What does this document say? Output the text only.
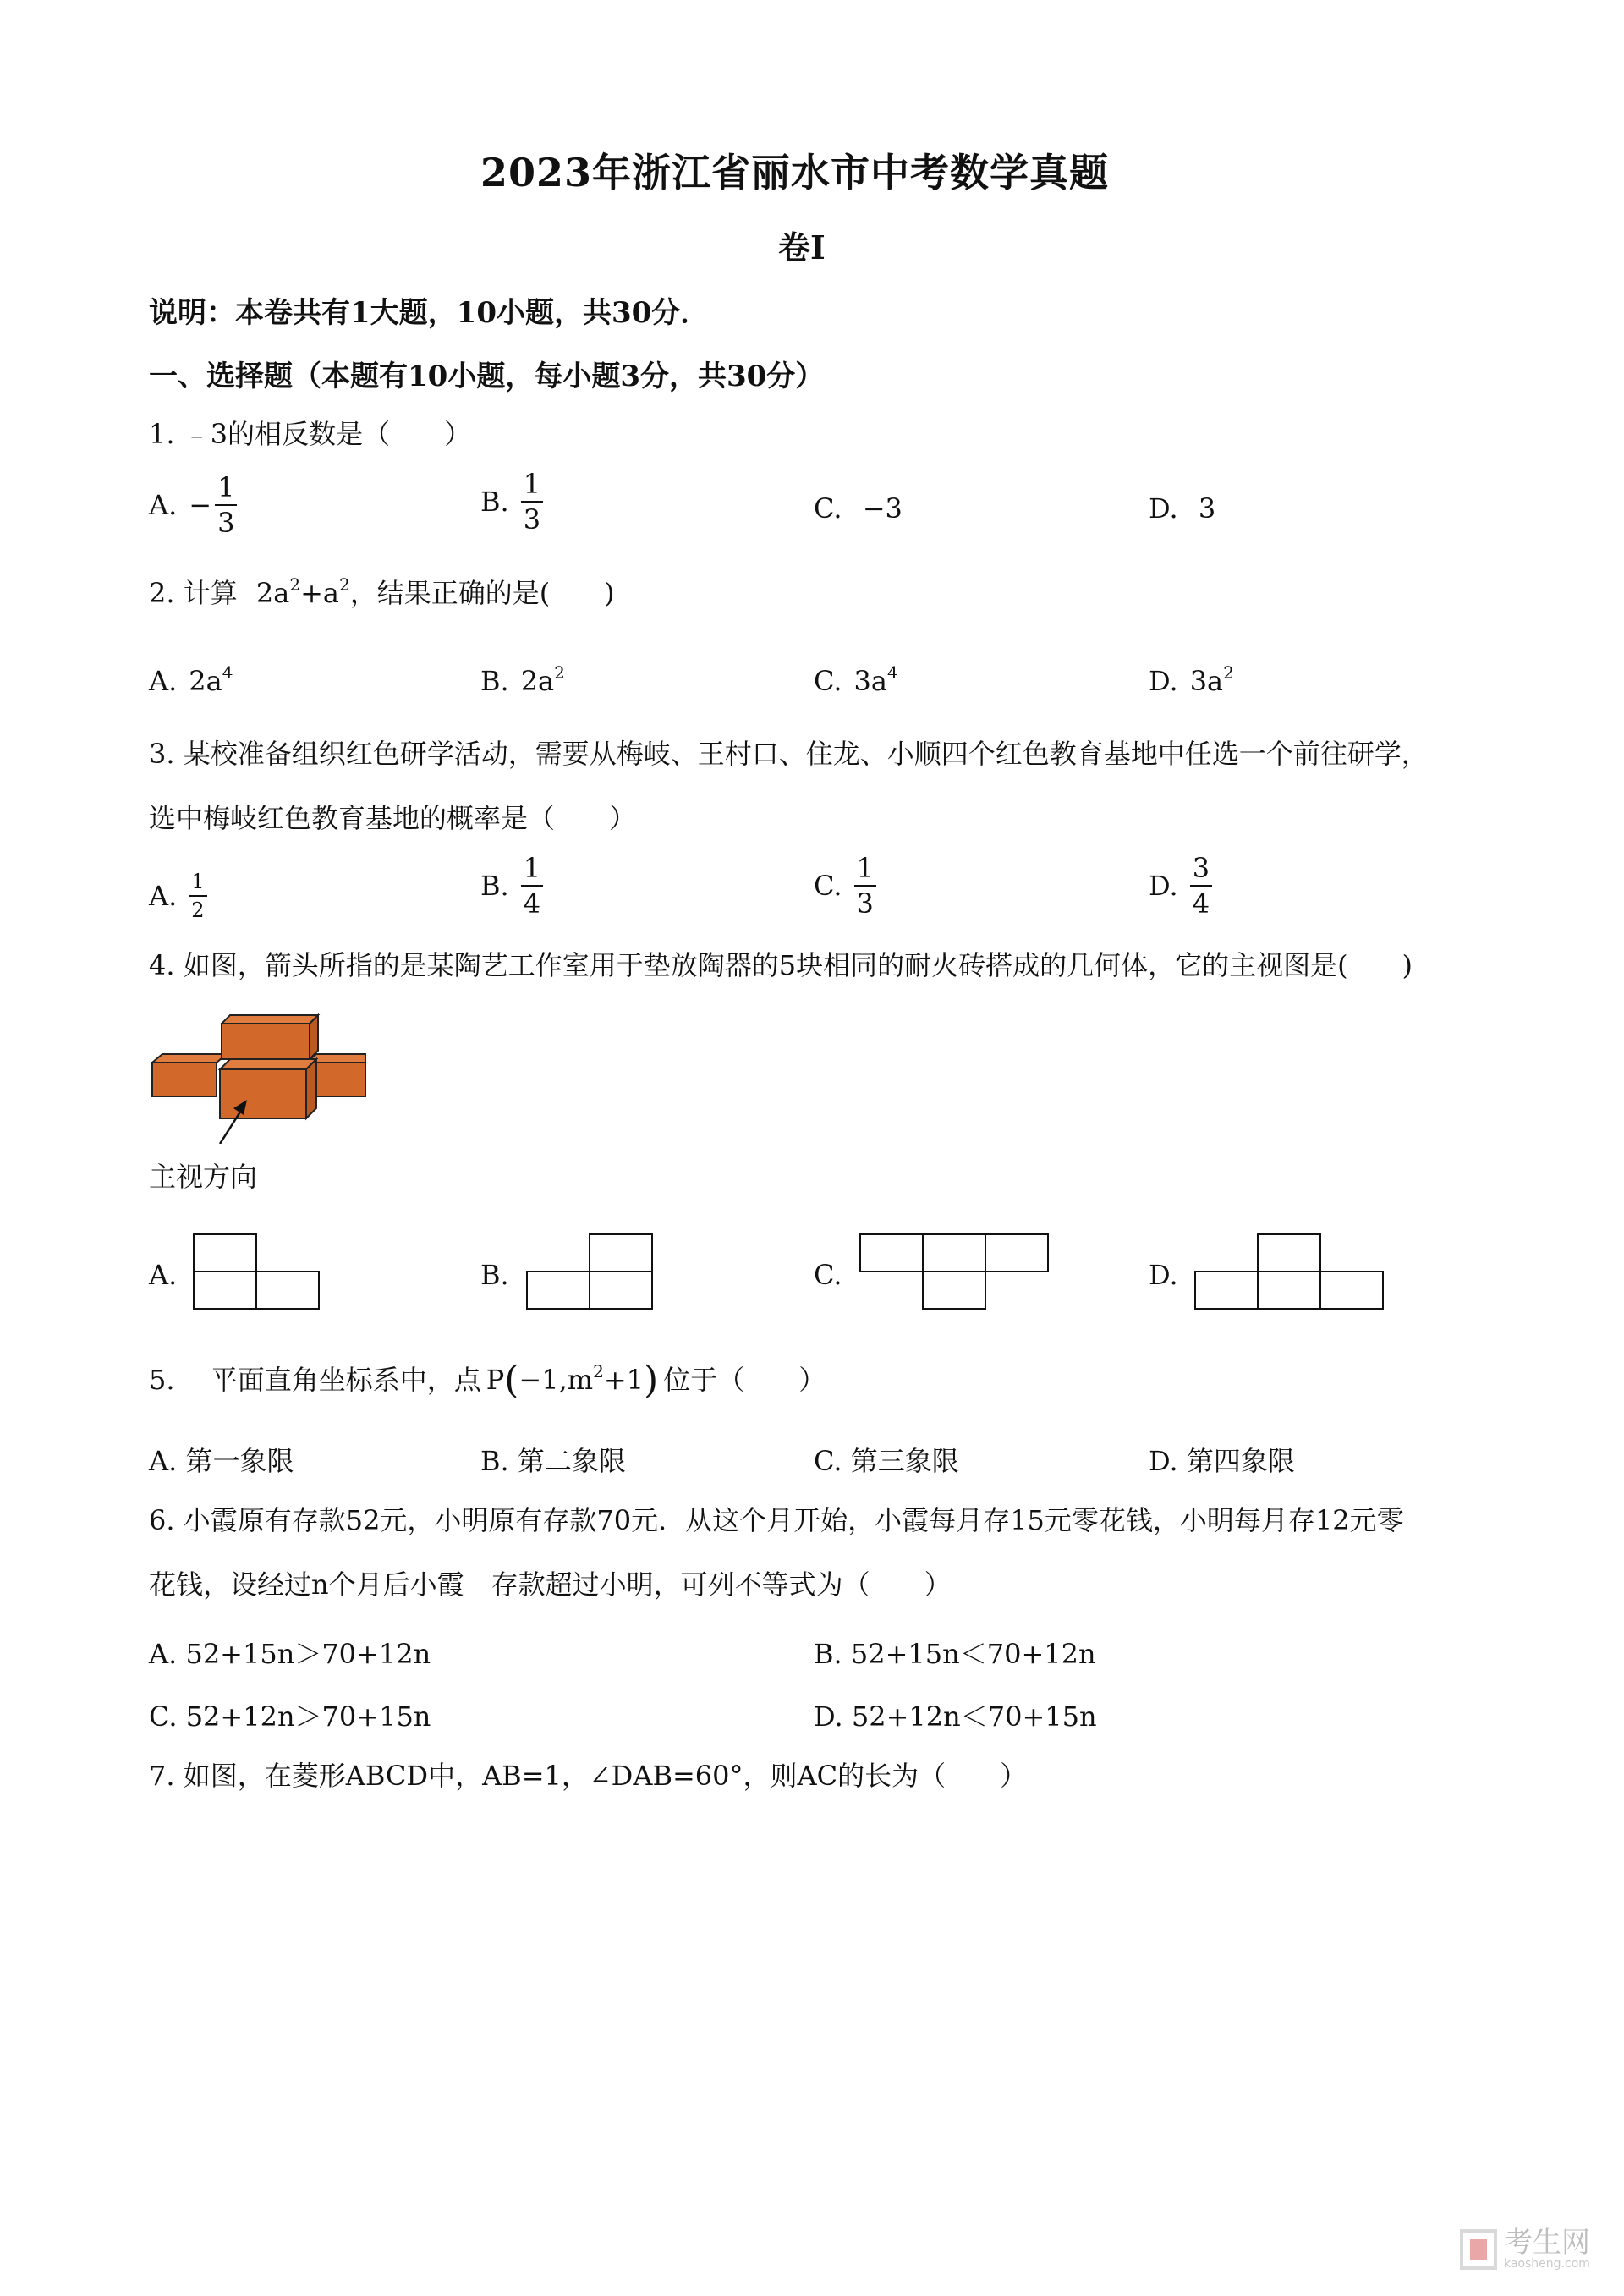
2023年浙江省丽水市中考数学真题
卷Ⅰ
说明：本卷共有1大题，10小题，共30分．
一、选择题（本题有10小题，每小题3分，共30分）
1. ﹣3的相反数是（　　）
A. − $\frac{1}{3}$	B. $\frac{1}{3}$	C. −3	D. 3
2. 计算 $2a^2+a^2$，结果正确的是(　　)
A. $2a^4$	B. $2a^2$	C. $3a^4$	D. $3a^2$
3. 某校准备组织红色研学活动，需要从梅岐、王村口、住龙、小顺四个红色教育基地中任选一个前往研学，
选中梅岐红色教育基地的概率是（　　）
A. $\frac{1}{2}$	B. $\frac{1}{4}$	C. $\frac{1}{3}$	D. $\frac{3}{4}$
4. 如图，箭头所指的是某陶艺工作室用于垫放陶器的5块相同的耐火砖搭成的几何体，它的主视图是(　　)
主视方向
A.	B.	C.	D.
5.　 平面直角坐标系中，点 $P(-1,m^2+1)$ 位于（　　）
A. 第一象限	B. 第二象限	C. 第三象限	D. 第四象限
6. 小霞原有存款52元，小明原有存款70元．从这个月开始，小霞每月存15元零花钱，小明每月存12元零
花钱，设经过n个月后小霞　存款超过小明，可列不等式为（　　）
A. 52+15n＞70+12n	B. 52+15n＜70+12n
C. 52+12n＞70+15n	D. 52+12n＜70+15n
7. 如图，在菱形ABCD中，AB=1，∠DAB=60°，则AC的长为（　　）
考生网
kaosheng.com
